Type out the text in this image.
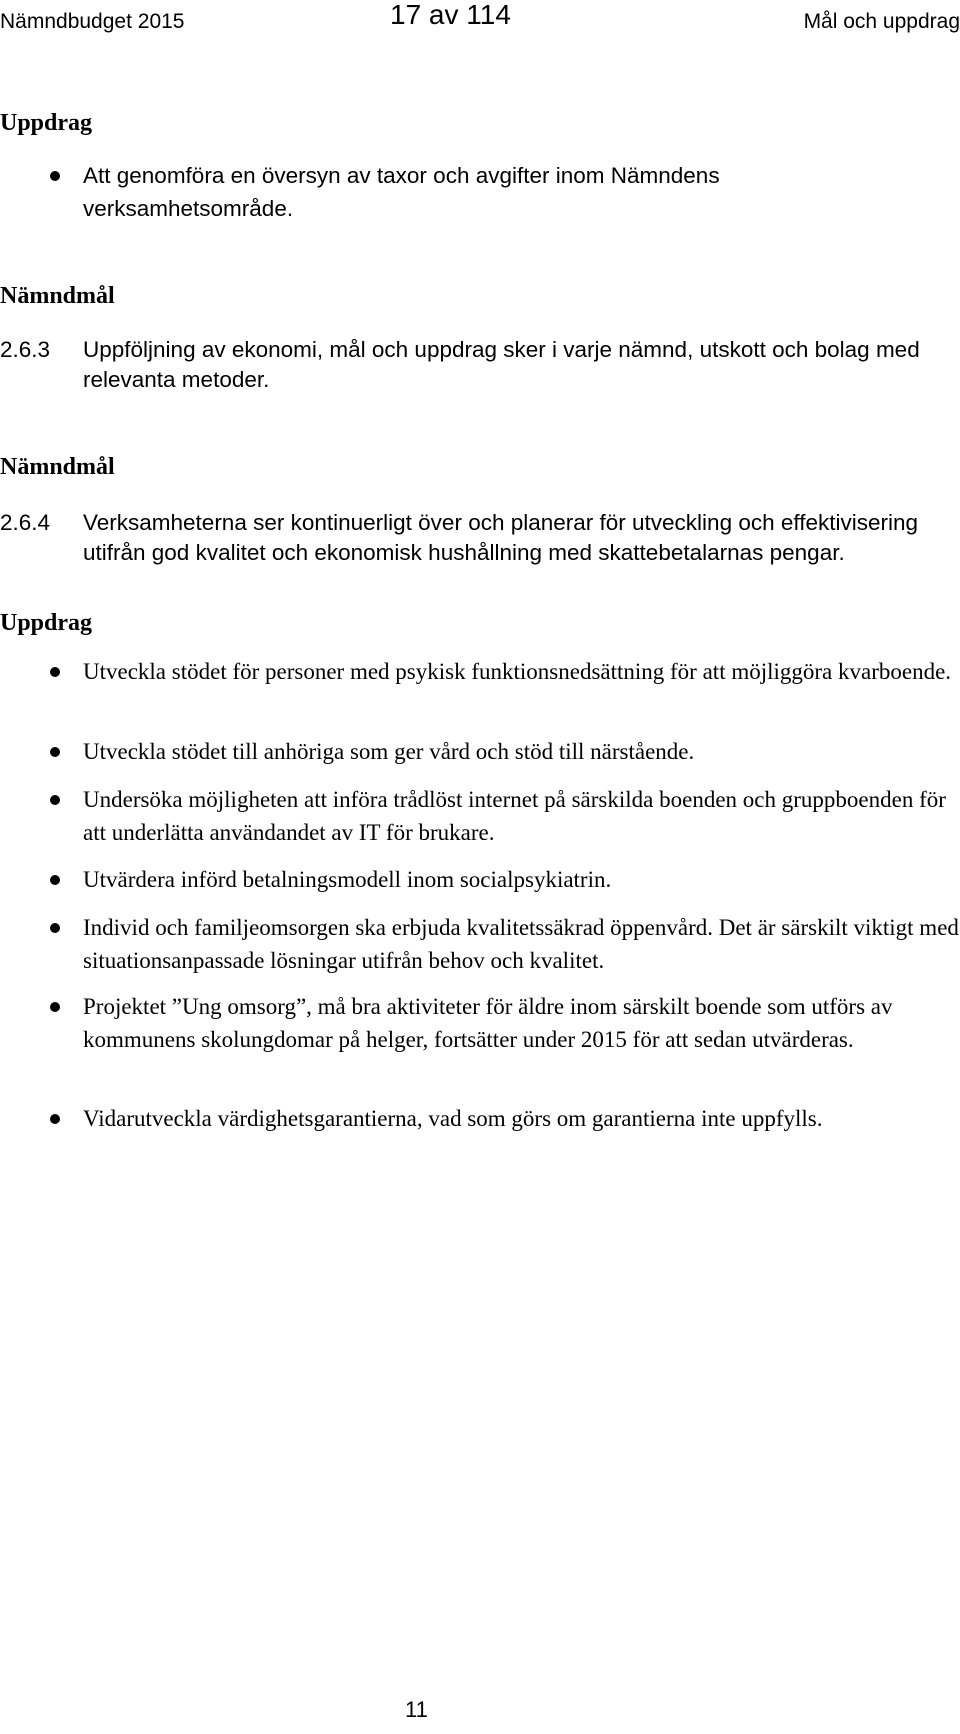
Nämndbudget 2015	17 av 114	Mål och uppdrag
Uppdrag
Att genomföra en översyn av taxor och avgifter inom Nämndens verksamhetsområde.
Nämndmål
2.6.3 Uppföljning av ekonomi, mål och uppdrag sker i varje nämnd, utskott och bolag med relevanta metoder.
Nämndmål
2.6.4 Verksamheterna ser kontinuerligt över och planerar för utveckling och effektivisering utifrån god kvalitet och ekonomisk hushållning med skattebetalarnas pengar.
Uppdrag
Utveckla stödet för personer med psykisk funktionsnedsättning för att möjliggöra kvarboende.
Utveckla stödet till anhöriga som ger vård och stöd till närstående.
Undersöka möjligheten att införa trådlöst internet på särskilda boenden och gruppboenden för att underlätta användandet av IT för brukare.
Utvärdera införd betalningsmodell inom socialpsykiatrin.
Individ och familjeomsorgen ska erbjuda kvalitetssäkrad öppenvård. Det är särskilt viktigt med situationsanpassade lösningar utifrån behov och kvalitet.
Projektet ”Ung omsorg”, må bra aktiviteter för äldre inom särskilt boende som utförs av kommunens skolungdomar på helger, fortsätter under 2015 för att sedan utvärderas.
Vidarutveckla värdighetsgarantierna, vad som görs om garantierna inte uppfylls.
11
